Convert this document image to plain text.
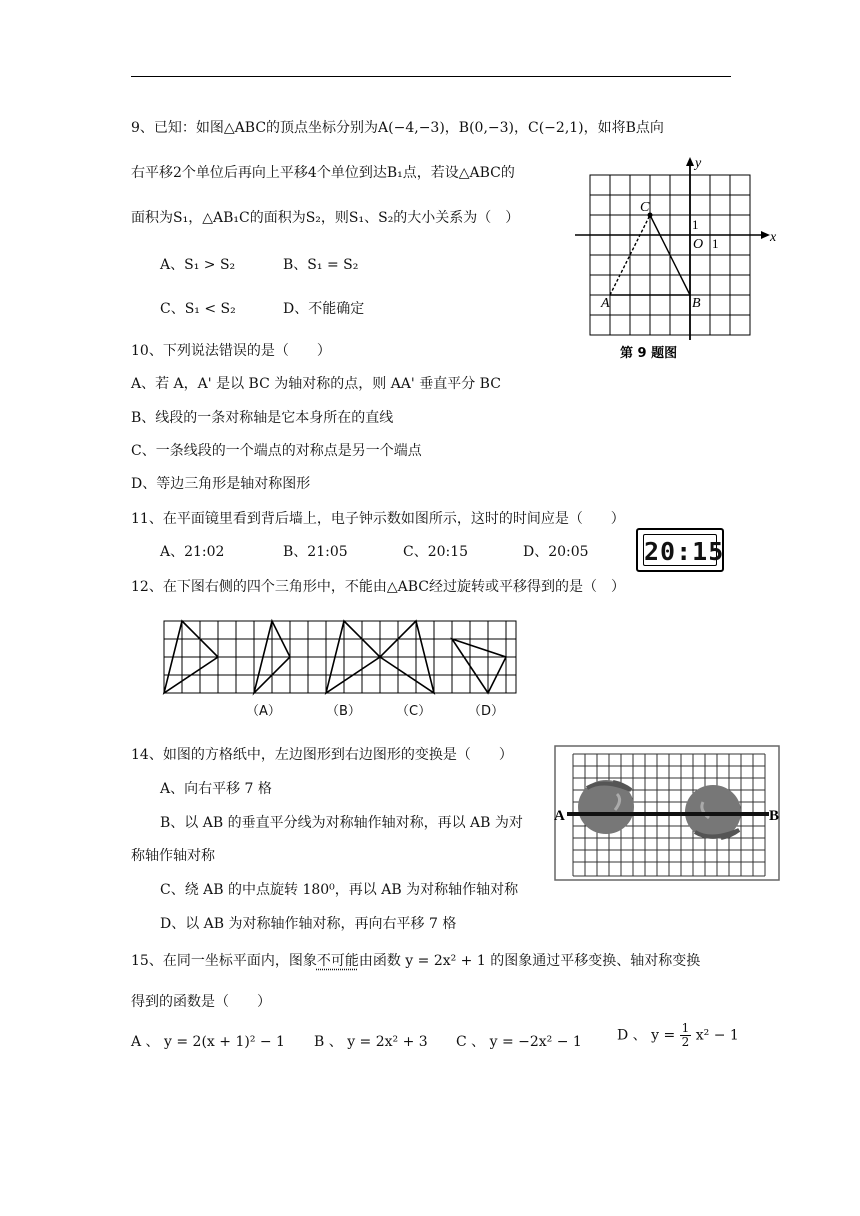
9、已知：如图△ABC的顶点坐标分别为A(−4,−3)，B(0,−3)，C(−2,1)，如将B点向
右平移2个单位后再向上平移4个单位到达B₁点，若设△ABC的
面积为S₁，△AB₁C的面积为S₂，则S₁、S₂的大小关系为（　）
A、S₁ > S₂	B、S₁ = S₂
C、S₁ < S₂	D、不能确定
y
x
O
C
A	B
1
1
第 9 题图
10、下列说法错误的是（　　）
A、若 A，A' 是以 BC 为轴对称的点，则 AA' 垂直平分 BC
B、线段的一条对称轴是它本身所在的直线
C、一条线段的一个端点的对称点是另一个端点
D、等边三角形是轴对称图形
11、在平面镜里看到背后墙上，电子钟示数如图所示，这时的时间应是（　　）
A、21:02	B、21:05	C、20:15	D、20:05 20:15
12、在下图右侧的四个三角形中，不能由△ABC经过旋转或平移得到的是（　）
（A）	（B）	（C）	（D）
14、如图的方格纸中，左边图形到右边图形的变换是（　　）
A、向右平移 7 格
B、以 AB 的垂直平分线为对称轴作轴对称，再以 AB 为对
称轴作轴对称
C、绕 AB 的中点旋转 180⁰，再以 AB 为对称轴作轴对称
D、以 AB 为对称轴作轴对称，再向右平移 7 格
A	B
15、在同一坐标平面内，图象不可能由函数 y = 2x² + 1 的图象通过平移变换、轴对称变换
得到的函数是（　　）
A 、 y = 2(x + 1)² − 1 B 、 y = 2x² + 3 C 、 y = −2x² − 1	D 、 $y = \frac{1}{2} x^2 - 1$
